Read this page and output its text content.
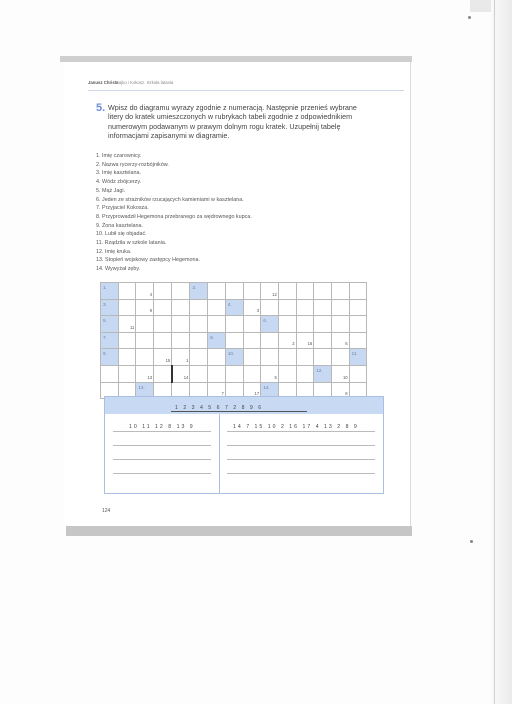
Janusz Christa
Kajko i Kokosz. Szkoła latania
5. Wpisz do diagramu wyrazy zgodnie z numeracją. Następnie przenieś wybrane litery do kratek umieszczonych w rubrykach tabeli zgodnie z odpowiednikiem numerowym podawanym w prawym dolnym rogu kratek. Uzupełnij tabelę informacjami zapisanymi w diagramie.
1. Imię czarownicy.
2. Nazwa rycerzy-rozbójników.
3. Imię kasztelana.
4. Wódz zbójcerzy.
5. Mąż Jagi.
6. Jeden ze strażników rzucających kamieniami w kasztelana.
7. Przyjaciel Kokosza.
8. Przyprowadził Hegemona przebranego za wędrownego kupca.
9. Żona kasztelana.
10. Lubił się objadać.
11. Rządziła w szkole latania.
12. Imię kruka.
13. Stopień wojskowy zastępcy Hegemona.
14. Wywyżał zęby.
1.		4			2.				12					

3.		9					4.	3						

5.	11								6.					

7.						8.				2	16		6	

9.			15	1			10.							11.

		13		14					5			12.	10	

		13.				7		17	14.				8	

1 2 3 4 5 6 7 2 8 9 6
10 11 12 8 13 9	14 7 15 10 2 16 17 4 13 2 8 9
124
